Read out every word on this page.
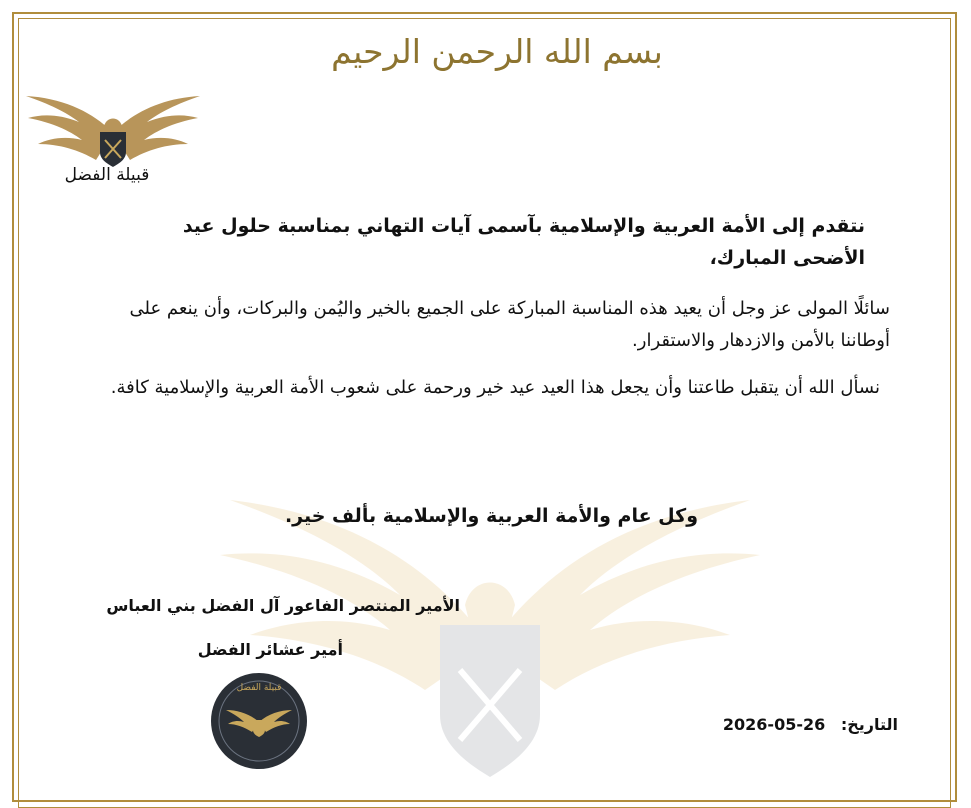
بسم الله الرحمن الرحيم
قبيلة الفضل
نتقدم إلى الأمة العربية والإسلامية بآسمى آيات التهاني بمناسبة حلول عيد الأضحى المبارك،
سائلًا المولى عز وجل أن يعيد هذه المناسبة المباركة على الجميع بالخير واليُمن والبركات، وأن ينعم على أوطاننا بالأمن والازدهار والاستقرار.
نسأل الله أن يتقبل طاعتنا وأن يجعل هذا العيد عيد خير ورحمة على شعوب الأمة العربية والإسلامية كافة.
وكل عام والأمة العربية والإسلامية بألف خير.
الأمير المنتصر الفاعور آل الفضل بني العباس
أمير عشائر الفضل
قبيلة الفضل
التاريخ: 2026-05-26
